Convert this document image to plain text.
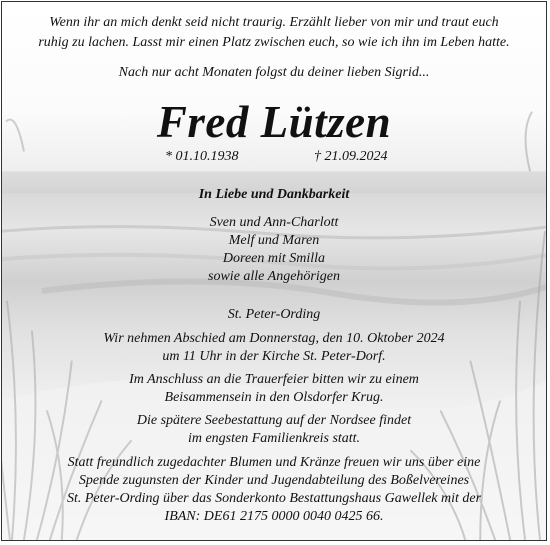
Wenn ihr an mich denkt seid nicht traurig. Erzählt lieber von mir und traut euch
ruhig zu lachen. Lasst mir einen Platz zwischen euch, so wie ich ihn im Leben hatte.
Nach nur acht Monaten folgst du deiner lieben Sigrid...
Fred Lützen
* 01.10.1938	† 21.09.2024
In Liebe und Dankbarkeit
Sven und Ann-Charlott
Melf und Maren
Doreen mit Smilla
sowie alle Angehörigen
St. Peter-Ording
Wir nehmen Abschied am Donnerstag, den 10. Oktober 2024
um 11 Uhr in der Kirche St. Peter-Dorf.
Im Anschluss an die Trauerfeier bitten wir zu einem
Beisammensein in den Olsdorfer Krug.
Die spätere Seebestattung auf der Nordsee findet
im engsten Familienkreis statt.
Statt freundlich zugedachter Blumen und Kränze freuen wir uns über eine
Spende zugunsten der Kinder und Jugendabteilung des Boßelvereines
St. Peter-Ording über das Sonderkonto Bestattungshaus Gawellek mit der
IBAN: DE61 2175 0000 0040 0425 66.
